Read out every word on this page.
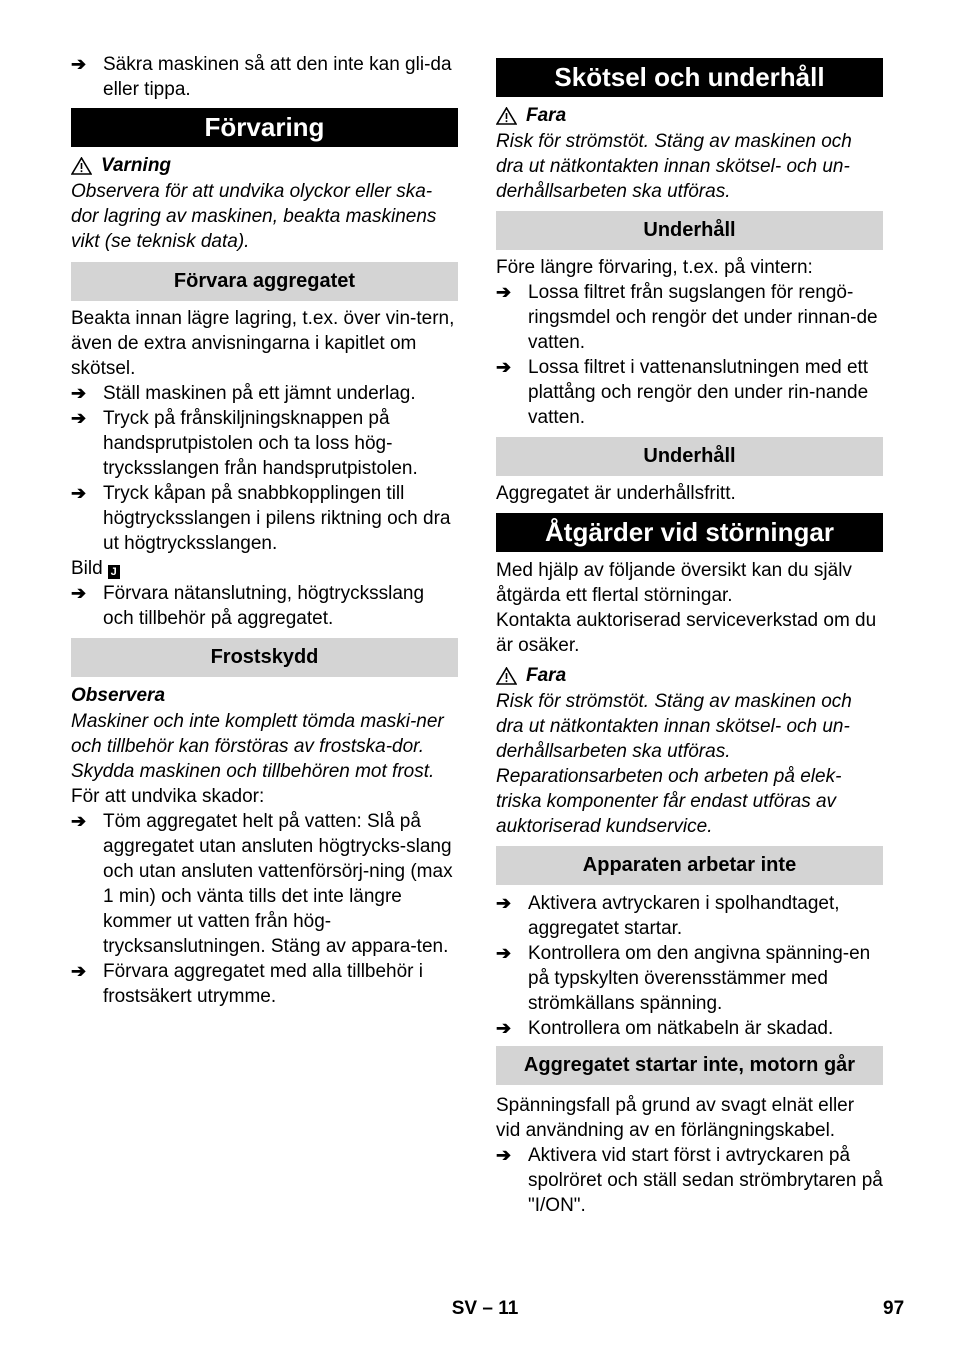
➔ Säkra maskinen så att den inte kan gli-da eller tippa.
Förvaring
Varning

Observera för att undvika olyckor eller ska-dor lagring av maskinen, beakta maskinens vikt (se teknisk data).

Förvara aggregatet

Beakta innan lägre lagring, t.ex. över vin-tern, även de extra anvisningarna i kapitlet om skötsel.

➔ Ställ maskinen på ett jämnt underlag.
➔ Tryck på frånskiljningsknappen på handsprutpistolen och ta loss hög-trycksslangen från handsprutpistolen.
➔ Tryck kåpan på snabbkopplingen till högtrycksslangen i pilens riktning och dra ut högtrycksslangen.

Bild J

➔ Förvara nätanslutning, högtrycksslang och tillbehör på aggregatet.
Frostskydd
Observera

Maskiner och inte komplett tömda maski-ner och tillbehör kan förstöras av frostska-dor. Skydda maskinen och tillbehören mot frost.

För att undvika skador:

➔ Töm aggregatet helt på vatten: Slå på aggregatet utan ansluten högtrycks-slang och utan ansluten vattenförsörj-ning (max 1 min) och vänta tills det inte längre kommer ut vatten från hög-trycksanslutningen. Stäng av appara-ten.
➔ Förvara aggregatet med alla tillbehör i frostsäkert utrymme.
Skötsel och underhåll
Fara

Risk för strömstöt. Stäng av maskinen och dra ut nätkontakten innan skötsel- och un-derhållsarbeten ska utföras.

Underhåll

Före längre förvaring, t.ex. på vintern:

➔ Lossa filtret från sugslangen för rengö-ringsmdel och rengör det under rinnan-de vatten.
➔ Lossa filtret i vattenanslutningen med ett plattång och rengör den under rin-nande vatten.
Underhåll

Aggregatet är underhållsfritt.

Åtgärder vid störningar

Med hjälp av följande översikt kan du själv åtgärda ett flertal störningar.

Kontakta auktoriserad serviceverkstad om du är osäker.

Fara

Risk för strömstöt. Stäng av maskinen och dra ut nätkontakten innan skötsel- och un-derhållsarbeten ska utföras.

Reparationsarbeten och arbeten på elek-triska komponenter får endast utföras av auktoriserad kundservice.

Apparaten arbetar inte
➔ Aktivera avtryckaren i spolhandtaget, aggregatet startar.
➔ Kontrollera om den angivna spänning-en på typskylten överensstämmer med strömkällans spänning.
➔ Kontrollera om nätkabeln är skadad.
Aggregatet startar inte, motorn går

Spänningsfall på grund av svagt elnät eller vid användning av en förlängningskabel.

➔ Aktivera vid start först i avtryckaren på spolröret och ställ sedan strömbrytaren på "I/ON".
SV – 11	97
